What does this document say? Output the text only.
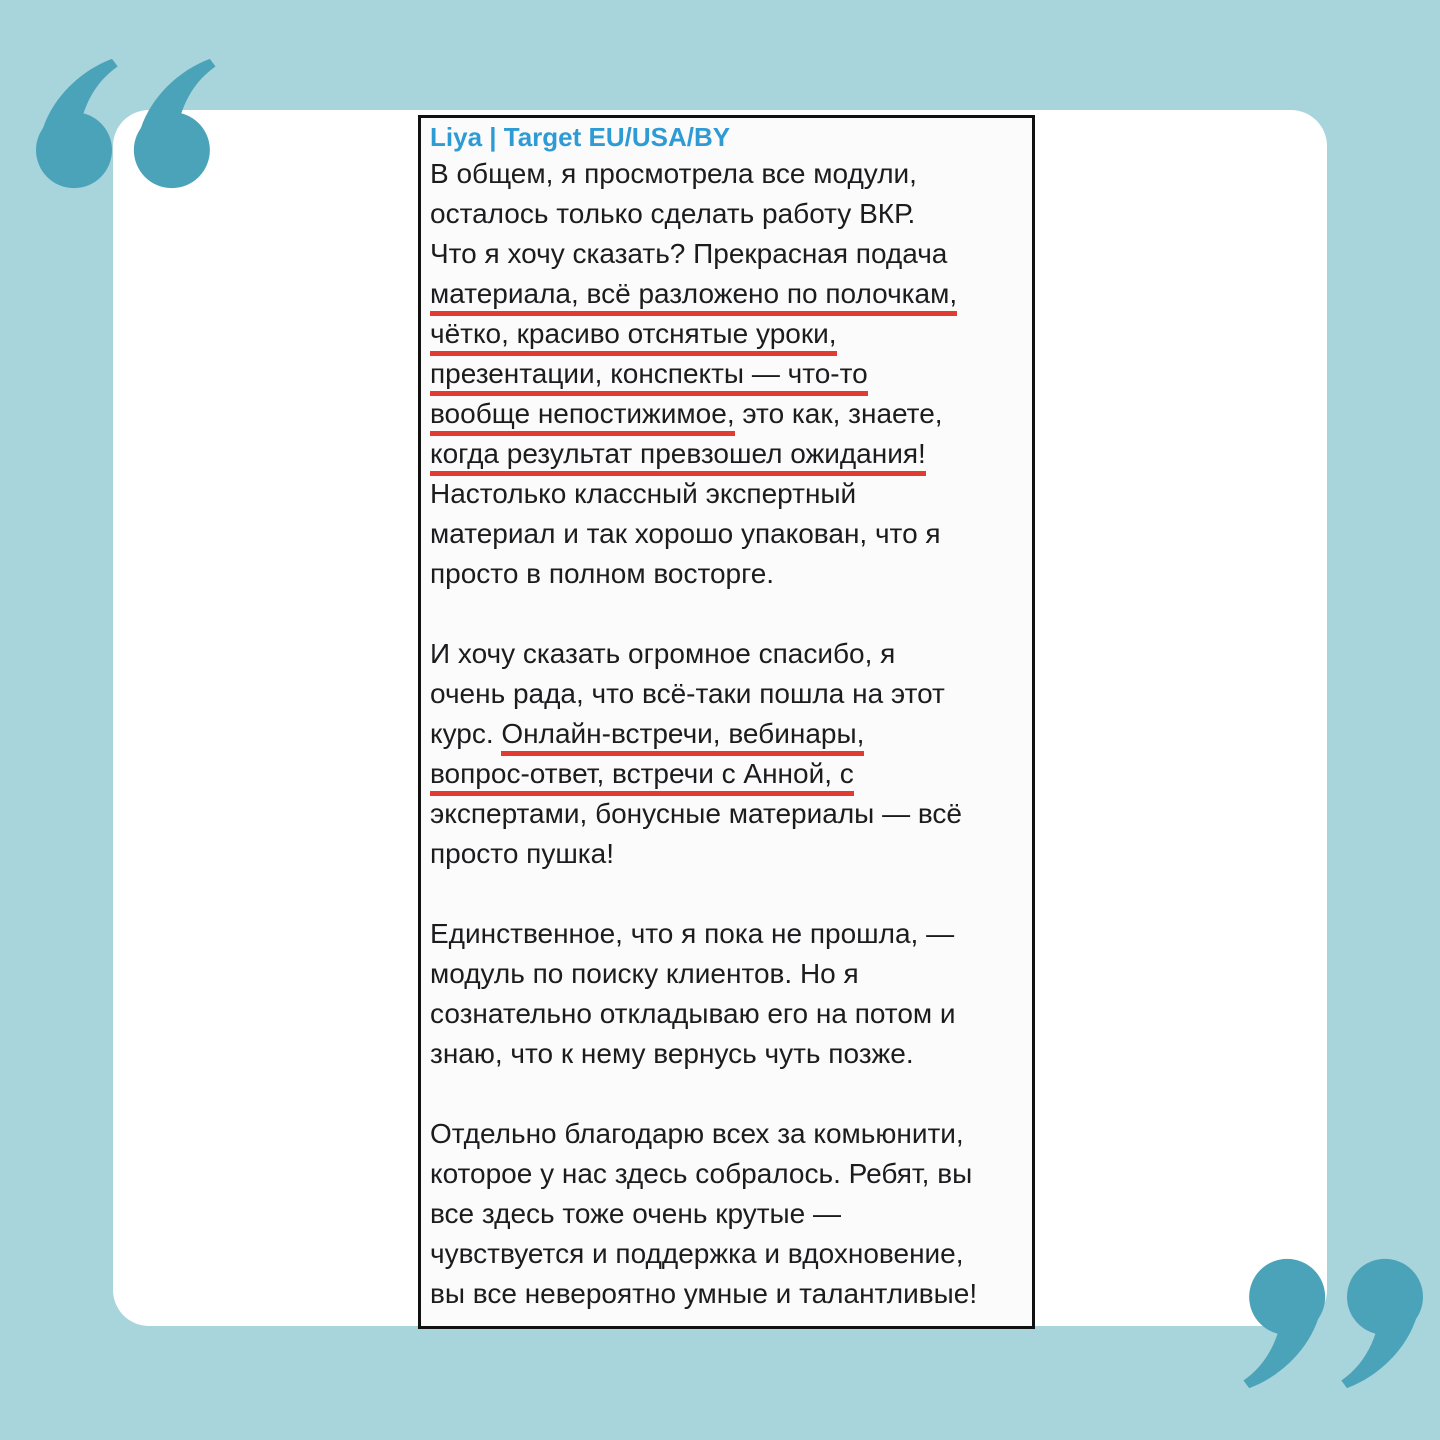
Liya | Target EU/USA/BY
В общем, я просмотрела все модули,
осталось только сделать работу ВКР.
Что я хочу сказать? Прекрасная подача
материала, всё разложено по полочкам,
чётко, красиво отснятые уроки,
презентации, конспекты — что-то
вообще непостижимое, это как, знаете,
когда результат превзошел ожидания!
Настолько классный экспертный
материал и так хорошо упакован, что я
просто в полном восторге.
И хочу сказать огромное спасибо, я
очень рада, что всё-таки пошла на этот
курс. Онлайн-встречи, вебинары,
вопрос-ответ, встречи с Анной, с
экспертами, бонусные материалы — всё
просто пушка!
Единственное, что я пока не прошла, —
модуль по поиску клиентов. Но я
сознательно откладываю его на потом и
знаю, что к нему вернусь чуть позже.
Отдельно благодарю всех за комьюнити,
которое у нас здесь собралось. Ребят, вы
все здесь тоже очень крутые —
чувствуется и поддержка и вдохновение,
вы все невероятно умные и талантливые!
